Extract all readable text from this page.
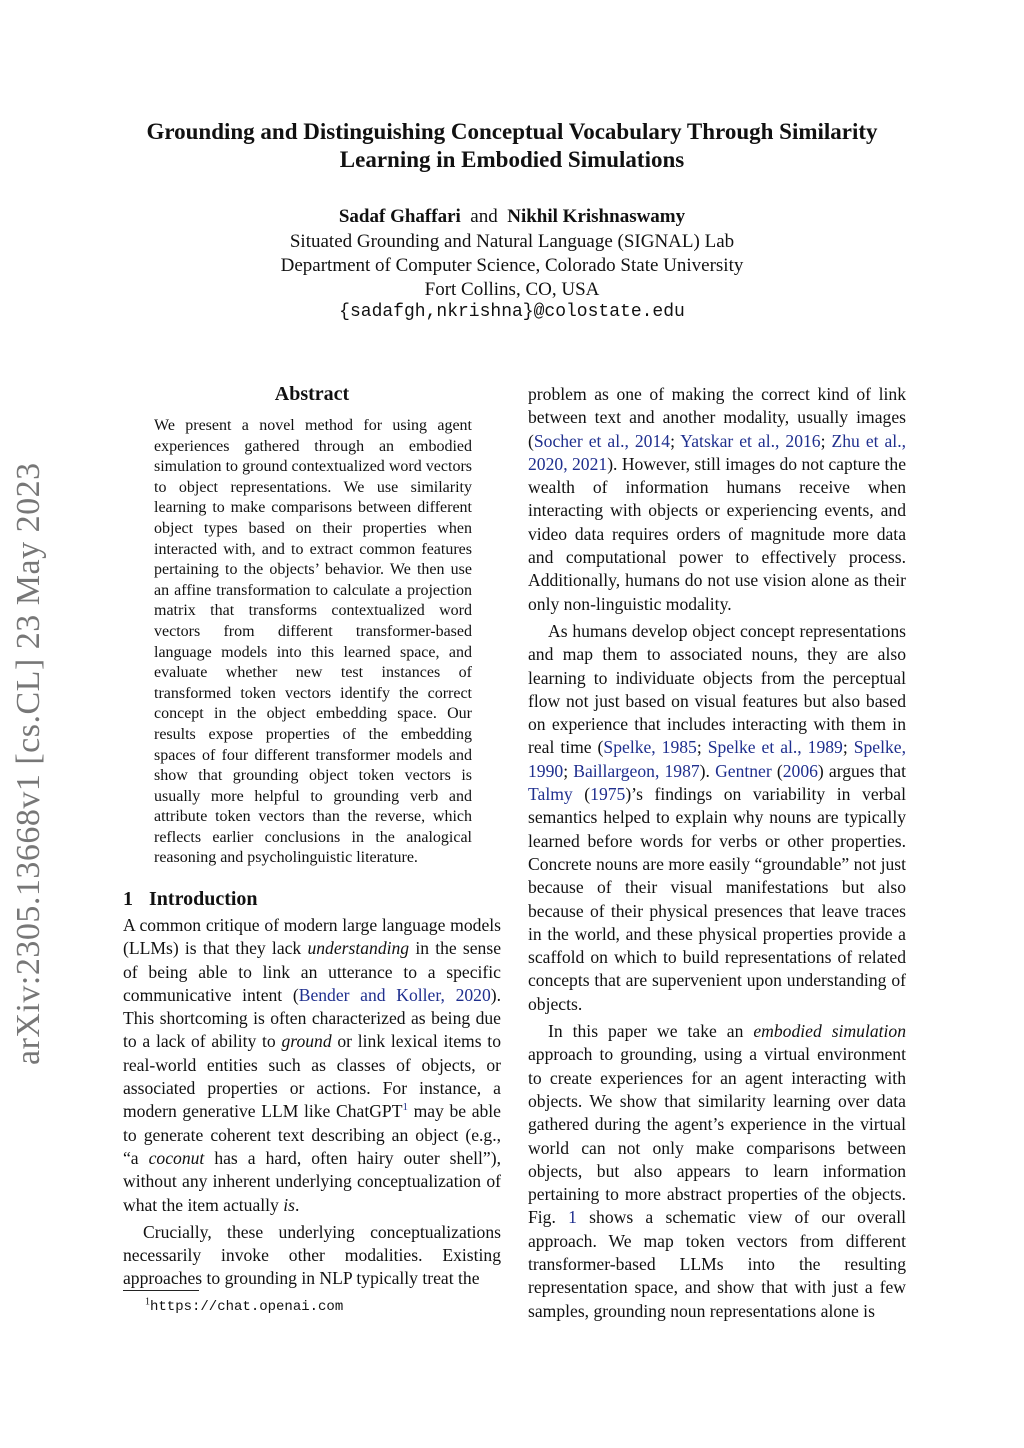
arXiv:2305.13668v1 [cs.CL] 23 May 2023
Grounding and Distinguishing Conceptual Vocabulary Through Similarity Learning in Embodied Simulations
Sadaf Ghaffari and Nikhil Krishnaswamy
Situated Grounding and Natural Language (SIGNAL) Lab
Department of Computer Science, Colorado State University
Fort Collins, CO, USA
{sadafgh,nkrishna}@colostate.edu
Abstract
We present a novel method for using agent experiences gathered through an embodied simulation to ground contextualized word vectors to object representations. We use similarity learning to make comparisons between different object types based on their properties when interacted with, and to extract common features pertaining to the objects’ behavior. We then use an affine transformation to calculate a projection matrix that transforms contextualized word vectors from different transformer-based language models into this learned space, and evaluate whether new test instances of transformed token vectors identify the correct concept in the object embedding space. Our results expose properties of the embedding spaces of four different transformer models and show that grounding object token vectors is usually more helpful to grounding verb and attribute token vectors than the reverse, which reflects earlier conclusions in the analogical reasoning and psycholinguistic literature.
1 Introduction

A common critique of modern large language models (LLMs) is that they lack understanding in the sense of being able to link an utterance to a specific communicative intent (Bender and Koller, 2020). This shortcoming is often characterized as being due to a lack of ability to ground or link lexical items to real-world entities such as classes of objects, or associated properties or actions. For instance, a modern generative LLM like ChatGPT$^1$ may be able to generate coherent text describing an object (e.g., “a coconut has a hard, often hairy outer shell”), without any inherent underlying conceptualization of what the item actually is.

Crucially, these underlying conceptualizations necessarily invoke other modalities. Existing approaches to grounding in NLP typically treat the

$^1$https://chat.openai.com

problem as one of making the correct kind of link between text and another modality, usually images (Socher et al., 2014; Yatskar et al., 2016; Zhu et al., 2020, 2021). However, still images do not capture the wealth of information humans receive when interacting with objects or experiencing events, and video data requires orders of magnitude more data and computational power to effectively process. Additionally, humans do not use vision alone as their only non-linguistic modality.

As humans develop object concept representations and map them to associated nouns, they are also learning to individuate objects from the perceptual flow not just based on visual features but also based on experience that includes interacting with them in real time (Spelke, 1985; Spelke et al., 1989; Spelke, 1990; Baillargeon, 1987). Gentner (2006) argues that Talmy (1975)’s findings on variability in verbal semantics helped to explain why nouns are typically learned before words for verbs or other properties. Concrete nouns are more easily “groundable” not just because of their visual manifestations but also because of their physical presences that leave traces in the world, and these physical properties provide a scaffold on which to build representations of related concepts that are supervenient upon understanding of objects.

In this paper we take an embodied simulation approach to grounding, using a virtual environment to create experiences for an agent interacting with objects. We show that similarity learning over data gathered during the agent’s experience in the virtual world can not only make comparisons between objects, but also appears to learn information pertaining to more abstract properties of the objects. Fig. 1 shows a schematic view of our overall approach. We map token vectors from different transformer-based LLMs into the resulting representation space, and show that with just a few samples, grounding noun representations alone is
